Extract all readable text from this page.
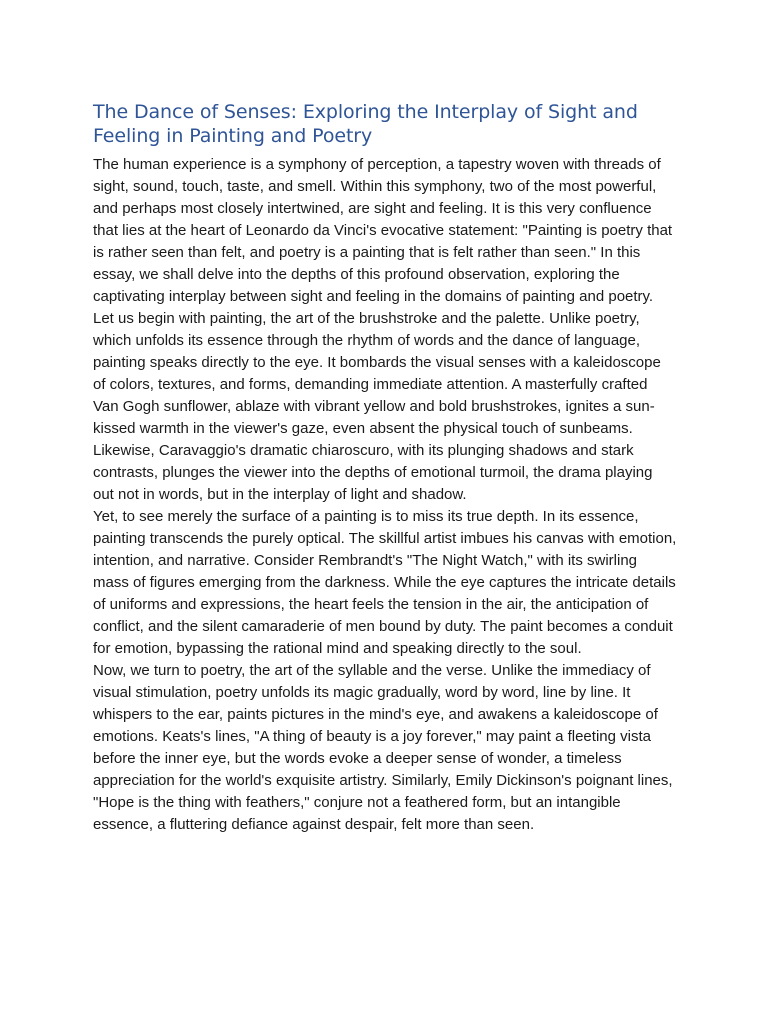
The Dance of Senses: Exploring the Interplay of Sight and Feeling in Painting and Poetry

The human experience is a symphony of perception, a tapestry woven with threads of sight, sound, touch, taste, and smell. Within this symphony, two of the most powerful, and perhaps most closely intertwined, are sight and feeling. It is this very confluence that lies at the heart of Leonardo da Vinci's evocative statement: "Painting is poetry that is rather seen than felt, and poetry is a painting that is felt rather than seen." In this essay, we shall delve into the depths of this profound observation, exploring the captivating interplay between sight and feeling in the domains of painting and poetry.

Let us begin with painting, the art of the brushstroke and the palette. Unlike poetry, which unfolds its essence through the rhythm of words and the dance of language, painting speaks directly to the eye. It bombards the visual senses with a kaleidoscope of colors, textures, and forms, demanding immediate attention. A masterfully crafted Van Gogh sunflower, ablaze with vibrant yellow and bold brushstrokes, ignites a sun-kissed warmth in the viewer's gaze, even absent the physical touch of sunbeams. Likewise, Caravaggio's dramatic chiaroscuro, with its plunging shadows and stark contrasts, plunges the viewer into the depths of emotional turmoil, the drama playing out not in words, but in the interplay of light and shadow.

Yet, to see merely the surface of a painting is to miss its true depth. In its essence, painting transcends the purely optical. The skillful artist imbues his canvas with emotion, intention, and narrative. Consider Rembrandt's "The Night Watch," with its swirling mass of figures emerging from the darkness. While the eye captures the intricate details of uniforms and expressions, the heart feels the tension in the air, the anticipation of conflict, and the silent camaraderie of men bound by duty. The paint becomes a conduit for emotion, bypassing the rational mind and speaking directly to the soul.

Now, we turn to poetry, the art of the syllable and the verse. Unlike the immediacy of visual stimulation, poetry unfolds its magic gradually, word by word, line by line. It whispers to the ear, paints pictures in the mind's eye, and awakens a kaleidoscope of emotions. Keats's lines, "A thing of beauty is a joy forever," may paint a fleeting vista before the inner eye, but the words evoke a deeper sense of wonder, a timeless appreciation for the world's exquisite artistry. Similarly, Emily Dickinson's poignant lines, "Hope is the thing with feathers," conjure not a feathered form, but an intangible essence, a fluttering defiance against despair, felt more than seen.
